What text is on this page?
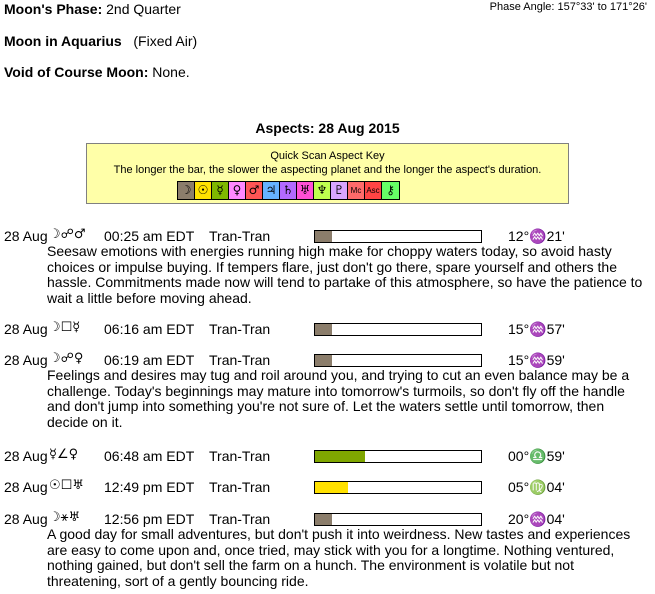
Moon's Phase: 2nd Quarter	Phase Angle: 157°33' to 171°26'
Moon in Aquarius (Fixed Air)
Void of Course Moon: None.
Aspects: 28 Aug 2015
Quick Scan Aspect Key
The longer the bar, the slower the aspecting planet and the longer the aspect's duration.
☽ ☉ ☿ ♀ ♂ ♃ ♄ ♅ ♆ ♇ Mc Asc ⚷
28 Aug ☽☍♂ 00:25 am EDT Tran-Tran	12°♒21'
Seesaw emotions with energies running high make for choppy waters today, so avoid hasty choices or impulse buying. If tempers flare, just don't go there, spare yourself and others the hassle. Commitments made now will tend to partake of this atmosphere, so have the patience to wait a little before moving ahead.
28 Aug ☽☐☿ 06:16 am EDT Tran-Tran	15°♒57'
28 Aug ☽☍♀ 06:19 am EDT Tran-Tran	15°♒59'
Feelings and desires may tug and roil around you, and trying to cut an even balance may be a challenge. Today's beginnings may mature into tomorrow's turmoils, so don't fly off the handle and don't jump into something you're not sure of. Let the waters settle until tomorrow, then decide on it.
28 Aug ☿∠♀ 06:48 am EDT Tran-Tran	00°♎59'
28 Aug ☉☐♅ 12:49 pm EDT Tran-Tran	05°♍04'
28 Aug ☽⚹♅ 12:56 pm EDT Tran-Tran	20°♒04'
A good day for small adventures, but don't push it into weirdness. New tastes and experiences are easy to come upon and, once tried, may stick with you for a longtime. Nothing ventured, nothing gained, but don't sell the farm on a hunch. The environment is volatile but not threatening, sort of a gently bouncing ride.
